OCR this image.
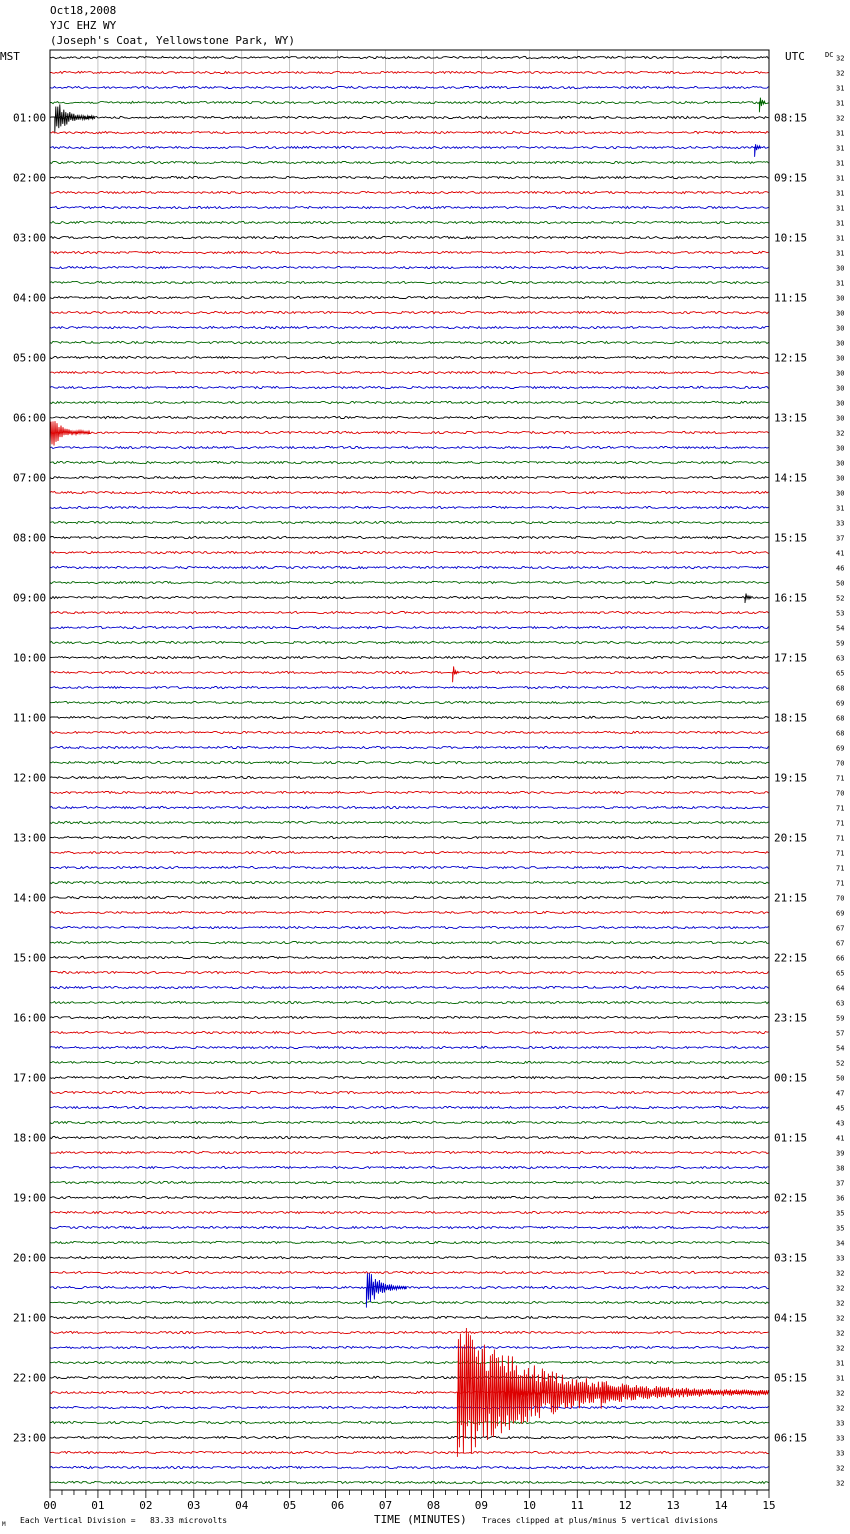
Oct18,2008
YJC EHZ WY
(Joseph's Coat, Yellowstone Park, WY)
01:00
02:00
03:00
04:00
05:00
06:00
07:00
08:00
09:00
10:00
11:00
12:00
13:00
14:00
15:00
16:00
17:00
18:00
19:00
20:00
21:00
22:00
23:00
08:15
09:15
10:15
11:15
12:15
13:15
14:15
15:15
16:15
17:15
18:15
19:15
20:15
21:15
22:15
23:15
00:15
01:15
02:15
03:15
04:15
05:15
06:15
32
32
31
31
32
31
31
31
31
31
31
31
31
31
30
31
30
30
30
30
30
30
30
30
30
32
30
30
30
30
31
33
37
41
46
50
52
53
54
59
63
65
68
69
68
68
69
70
71
70
71
71
71
71
71
71
70
69
67
67
66
65
64
63
59
57
54
52
50
47
45
43
41
39
38
37
36
35
35
34
33
32
32
32
32
32
32
31
31
32
32
33
33
33
32
32
00	01	02	03	04	05	06	07	08	09	10	11	12	13	14	15
MST	UTC	DC
TIME (MINUTES)
Each Vertical Division =   83.33 microvolts	Traces clipped at plus/minus 5 vertical divisions
M
